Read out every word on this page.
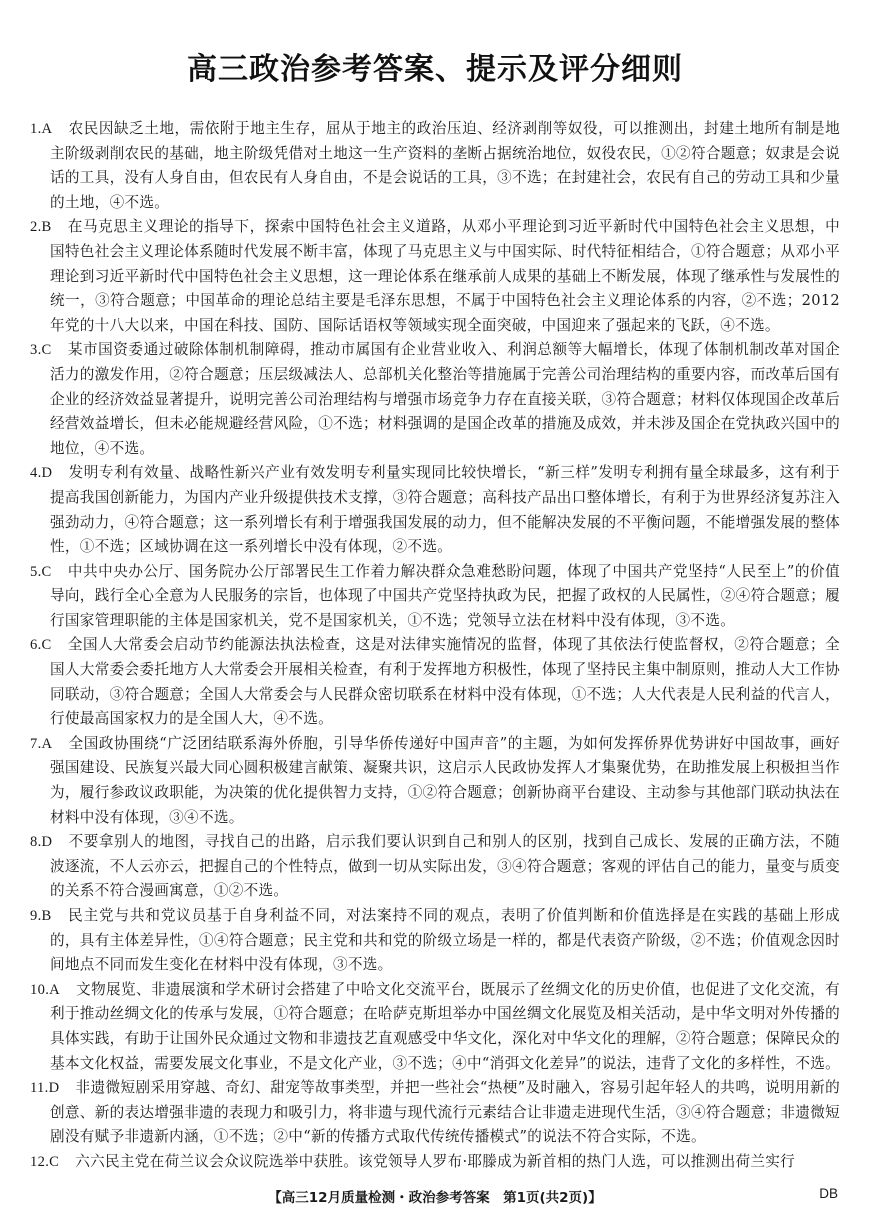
高三政治参考答案、提示及评分细则

1.A 农民因缺乏土地，需依附于地主生存，屈从于地主的政治压迫、经济剥削等奴役，可以推测出，封建土地所有制是地主阶级剥削农民的基础，地主阶级凭借对土地这一生产资料的垄断占据统治地位，奴役农民，①②符合题意；奴隶是会说话的工具，没有人身自由，但农民有人身自由，不是会说话的工具，③不选；在封建社会，农民有自己的劳动工具和少量的土地，④不选。

2.B 在马克思主义理论的指导下，探索中国特色社会主义道路，从邓小平理论到习近平新时代中国特色社会主义思想，中国特色社会主义理论体系随时代发展不断丰富，体现了马克思主义与中国实际、时代特征相结合，①符合题意；从邓小平理论到习近平新时代中国特色社会主义思想，这一理论体系在继承前人成果的基础上不断发展，体现了继承性与发展性的统一，③符合题意；中国革命的理论总结主要是毛泽东思想，不属于中国特色社会主义理论体系的内容，②不选；2012年党的十八大以来，中国在科技、国防、国际话语权等领域实现全面突破，中国迎来了强起来的飞跃，④不选。

3.C 某市国资委通过破除体制机制障碍，推动市属国有企业营业收入、利润总额等大幅增长，体现了体制机制改革对国企活力的激发作用，②符合题意；压层级减法人、总部机关化整治等措施属于完善公司治理结构的重要内容，而改革后国有企业的经济效益显著提升，说明完善公司治理结构与增强市场竞争力存在直接关联，③符合题意；材料仅体现国企改革后经营效益增长，但未必能规避经营风险，①不选；材料强调的是国企改革的措施及成效，并未涉及国企在党执政兴国中的地位，④不选。

4.D 发明专利有效量、战略性新兴产业有效发明专利量实现同比较快增长，“新三样”发明专利拥有量全球最多，这有利于提高我国创新能力，为国内产业升级提供技术支撑，③符合题意；高科技产品出口整体增长，有利于为世界经济复苏注入强劲动力，④符合题意；这一系列增长有利于增强我国发展的动力，但不能解决发展的不平衡问题，不能增强发展的整体性，①不选；区域协调在这一系列增长中没有体现，②不选。

5.C 中共中央办公厅、国务院办公厅部署民生工作着力解决群众急难愁盼问题，体现了中国共产党坚持“人民至上”的价值导向，践行全心全意为人民服务的宗旨，也体现了中国共产党坚持执政为民，把握了政权的人民属性，②④符合题意；履行国家管理职能的主体是国家机关，党不是国家机关，①不选；党领导立法在材料中没有体现，③不选。

6.C 全国人大常委会启动节约能源法执法检查，这是对法律实施情况的监督，体现了其依法行使监督权，②符合题意；全国人大常委会委托地方人大常委会开展相关检查，有利于发挥地方积极性，体现了坚持民主集中制原则，推动人大工作协同联动，③符合题意；全国人大常委会与人民群众密切联系在材料中没有体现，①不选；人大代表是人民利益的代言人，行使最高国家权力的是全国人大，④不选。

7.A 全国政协围绕“广泛团结联系海外侨胞，引导华侨传递好中国声音”的主题，为如何发挥侨界优势讲好中国故事，画好强国建设、民族复兴最大同心圆积极建言献策、凝聚共识，这启示人民政协发挥人才集聚优势，在助推发展上积极担当作为，履行参政议政职能，为决策的优化提供智力支持，①②符合题意；创新协商平台建设、主动参与其他部门联动执法在材料中没有体现，③④不选。

8.D 不要拿别人的地图，寻找自己的出路，启示我们要认识到自己和别人的区别，找到自己成长、发展的正确方法，不随波逐流，不人云亦云，把握自己的个性特点，做到一切从实际出发，③④符合题意；客观的评估自己的能力，量变与质变的关系不符合漫画寓意，①②不选。

9.B 民主党与共和党议员基于自身利益不同，对法案持不同的观点，表明了价值判断和价值选择是在实践的基础上形成的，具有主体差异性，①④符合题意；民主党和共和党的阶级立场是一样的，都是代表资产阶级，②不选；价值观念因时间地点不同而发生变化在材料中没有体现，③不选。

10.A 文物展览、非遗展演和学术研讨会搭建了中哈文化交流平台，既展示了丝绸文化的历史价值，也促进了文化交流，有利于推动丝绸文化的传承与发展，①符合题意；在哈萨克斯坦举办中国丝绸文化展览及相关活动，是中华文明对外传播的具体实践，有助于让国外民众通过文物和非遗技艺直观感受中华文化，深化对中华文化的理解，②符合题意；保障民众的基本文化权益，需要发展文化事业，不是文化产业，③不选；④中“消弭文化差异”的说法，违背了文化的多样性，不选。

11.D 非遗微短剧采用穿越、奇幻、甜宠等故事类型，并把一些社会“热梗”及时融入，容易引起年轻人的共鸣，说明用新的创意、新的表达增强非遗的表现力和吸引力，将非遗与现代流行元素结合让非遗走进现代生活，③④符合题意；非遗微短剧没有赋予非遗新内涵，①不选；②中“新的传播方式取代传统传播模式”的说法不符合实际，不选。

12.C 六六民主党在荷兰议会众议院选举中获胜。该党领导人罗布·耶滕成为新首相的热门人选，可以推测出荷兰实行

【高三12月质量检测・政治参考答案　第1页(共2页)】	DB
